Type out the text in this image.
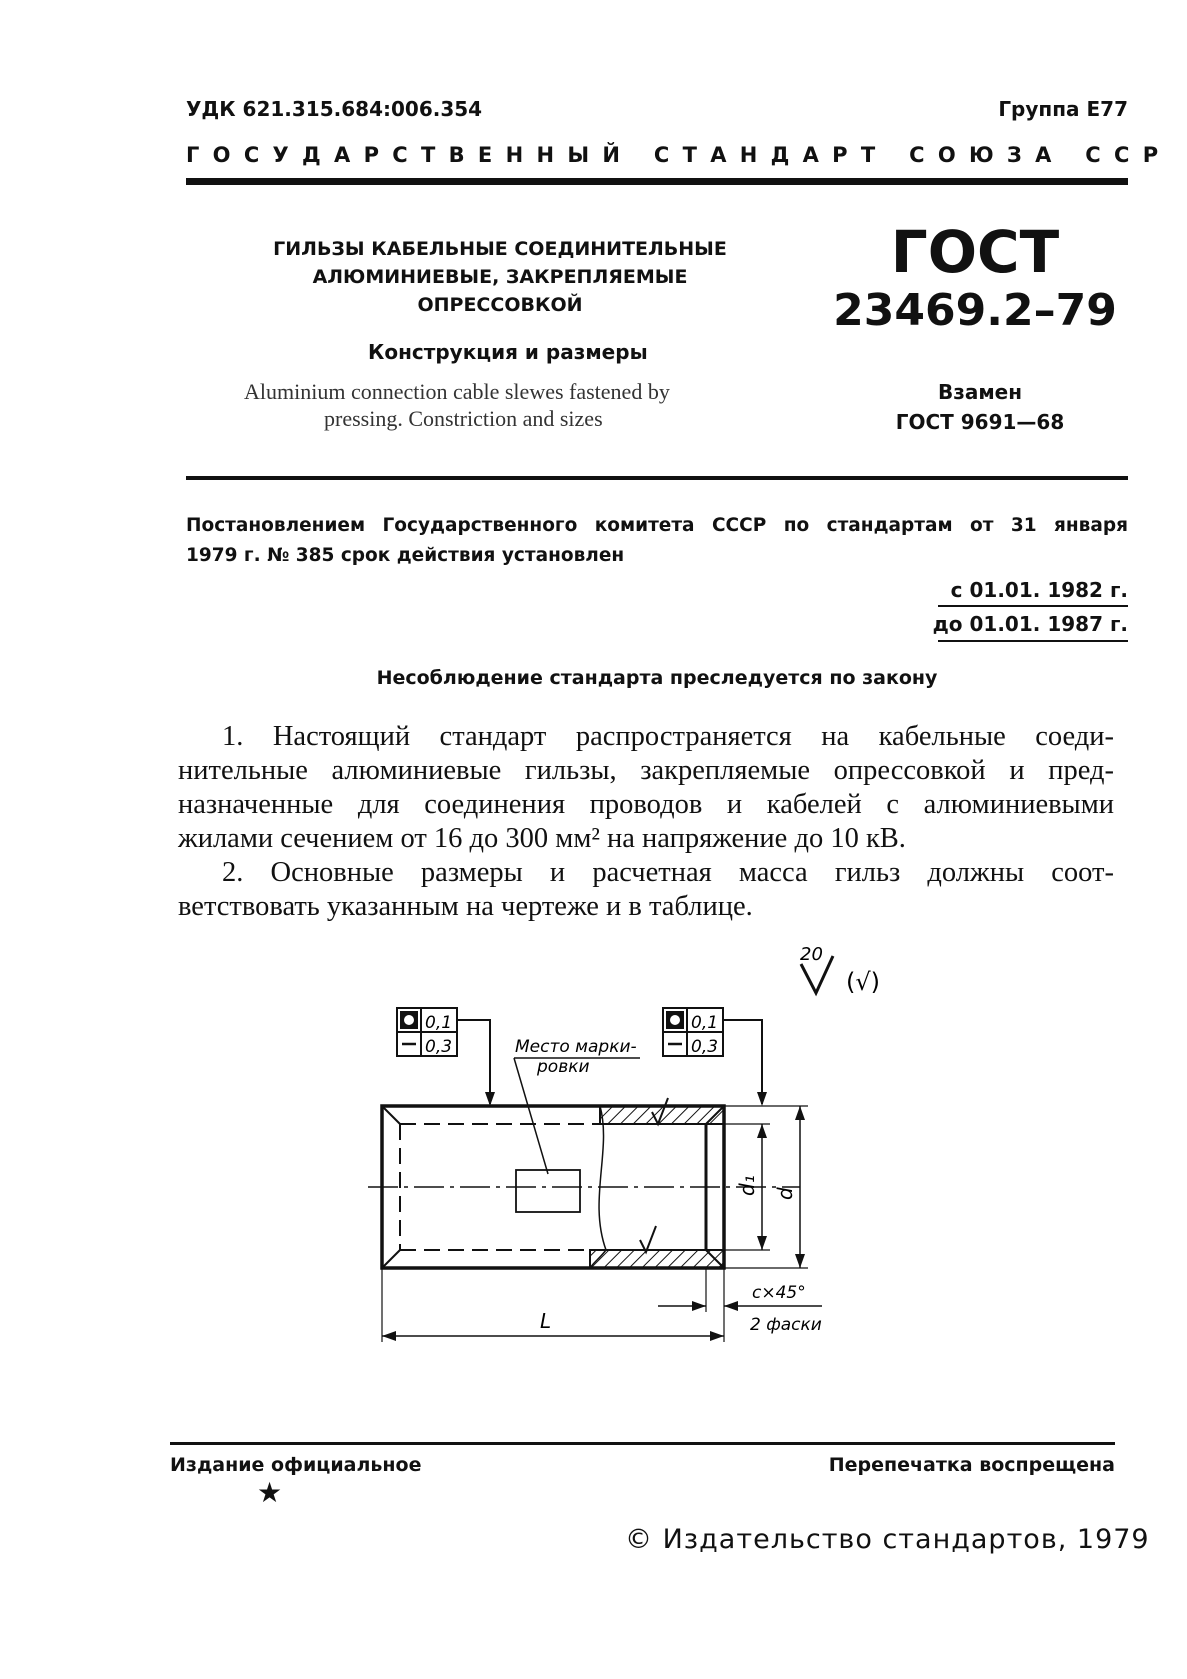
УДК 621.315.684:006.354	Группа Е77
ГОСУДАРСТВЕННЫЙ СТАНДАРТ СОЮЗА ССР
ГИЛЬЗЫ КАБЕЛЬНЫЕ СОЕДИНИТЕЛЬНЫЕ
АЛЮМИНИЕВЫЕ, ЗАКРЕПЛЯЕМЫЕ
ОПРЕССОВКОЙ
Конструкция и размеры
Aluminium connection cable slewes fastened by
pressing. Constriction and sizes
ГОСТ
23469.2–79
Взамен
ГОСТ 9691—68
Постановлением Государственного комитета СССР по стандартам от 31 января
1979 г. № 385 срок действия установлен
с 01.01. 1982 г.
до 01.01. 1987 г.
Несоблюдение стандарта преследуется по закону
1. Настоящий стандарт распространяется на кабельные соеди-
нительные алюминиевые гильзы, закрепляемые опрессовкой и пред-
назначенные для соединения проводов и кабелей с алюминиевыми
жилами сечением от 16 до 300 мм² на напряжение до 10 кВ.
2. Основные размеры и расчетная масса гильз должны соот-
ветствовать указанным на чертеже и в таблице.
20
(√)
0,1
0,3
0,1
0,3
Место марки-
ровки
d₁ d
L
c×45°
2 фаски
Издание официальное	Перепечатка воспрещена
★
© Издательство стандартов, 1979
